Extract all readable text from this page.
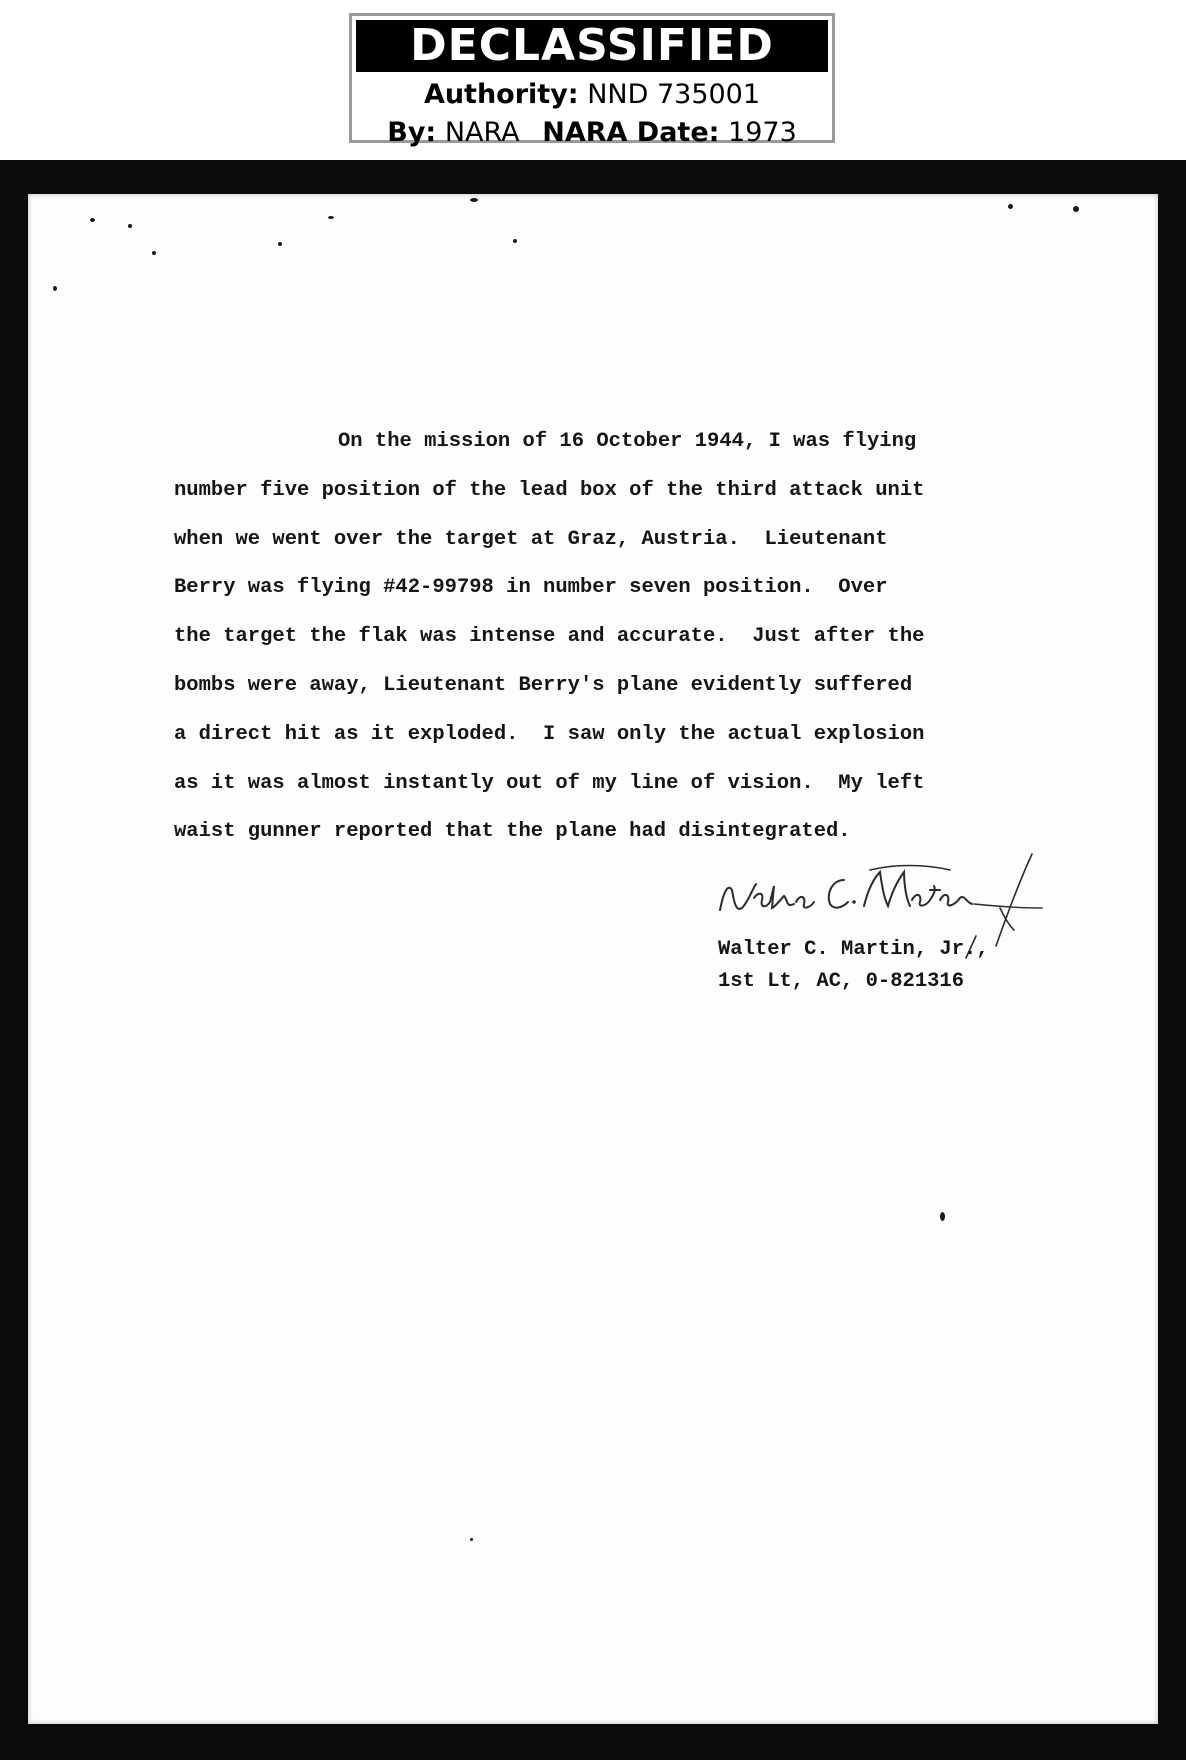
DECLASSIFIED
Authority: NND 735001
By: NARA NARA Date: 1973
On the mission of 16 October 1944, I was flying
number five position of the lead box of the third attack unit
when we went over the target at Graz, Austria.  Lieutenant
Berry was flying #42-99798 in number seven position.  Over
the target the flak was intense and accurate.  Just after the
bombs were away, Lieutenant Berry's plane evidently suffered
a direct hit as it exploded.  I saw only the actual explosion
as it was almost instantly out of my line of vision.  My left
waist gunner reported that the plane had disintegrated.
Walter C. Martin, Jr.,
1st Lt, AC, 0-821316
